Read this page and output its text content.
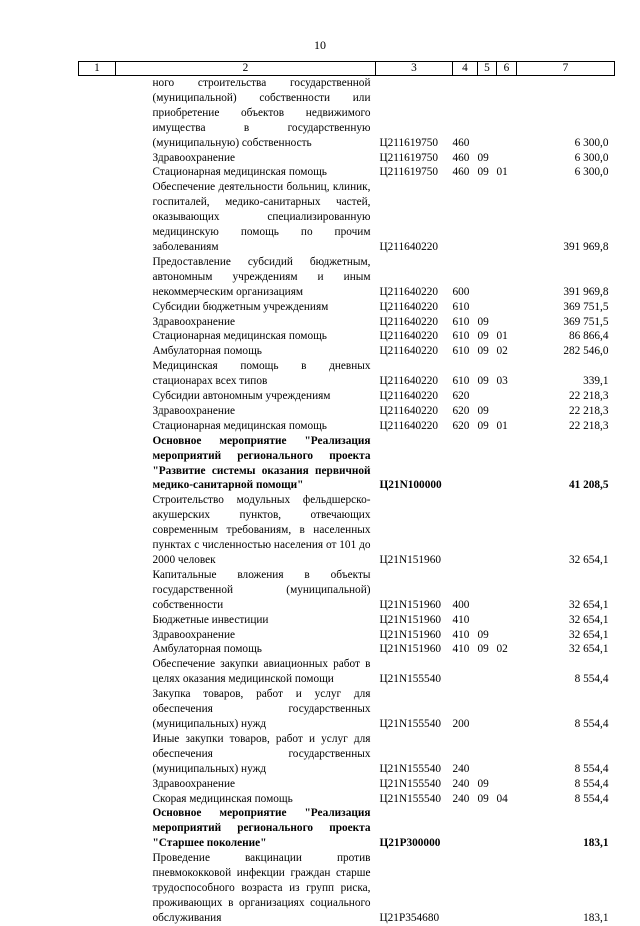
10
1	2	3	4	5	6	7
	ного строительства государственной (муниципальной) собственности или приобретение объектов недвижимого имущества в государственную (муниципальную) собственность	Ц211619750	460			6 300,0
	Здравоохранение	Ц211619750	460	09		6 300,0
	Стационарная медицинская помощь	Ц211619750	460	09	01	6 300,0
	Обеспечение деятельности больниц, клиник, госпиталей, медико-санитарных частей, оказывающих специализированную медицинскую помощь по прочим заболеваниям	Ц211640220				391 969,8
	Предоставление субсидий бюджетным, автономным учреждениям и иным некоммерческим организациям	Ц211640220	600			391 969,8
	Субсидии бюджетным учреждениям	Ц211640220	610			369 751,5
	Здравоохранение	Ц211640220	610	09		369 751,5
	Стационарная медицинская помощь	Ц211640220	610	09	01	86 866,4
	Амбулаторная помощь	Ц211640220	610	09	02	282 546,0
	Медицинская помощь в дневных стационарах всех типов	Ц211640220	610	09	03	339,1
	Субсидии автономным учреждениям	Ц211640220	620			22 218,3
	Здравоохранение	Ц211640220	620	09		22 218,3
	Стационарная медицинская помощь	Ц211640220	620	09	01	22 218,3
	Основное мероприятие "Реализация мероприятий регионального проекта "Развитие системы оказания первичной медико-санитарной помощи"	Ц21N100000				41 208,5
	Строительство модульных фельдшерско-акушерских пунктов, отвечающих современным требованиям, в населенных пунктах с численностью населения от 101 до 2000 человек	Ц21N151960				32 654,1
	Капитальные вложения в объекты государственной (муниципальной) собственности	Ц21N151960	400			32 654,1
	Бюджетные инвестиции	Ц21N151960	410			32 654,1
	Здравоохранение	Ц21N151960	410	09		32 654,1
	Амбулаторная помощь	Ц21N151960	410	09	02	32 654,1
	Обеспечение закупки авиационных работ в целях оказания медицинской помощи	Ц21N155540				8 554,4
	Закупка товаров, работ и услуг для обеспечения государственных (муниципальных) нужд	Ц21N155540	200			8 554,4
	Иные закупки товаров, работ и услуг для обеспечения государственных (муниципальных) нужд	Ц21N155540	240			8 554,4
	Здравоохранение	Ц21N155540	240	09		8 554,4
	Скорая медицинская помощь	Ц21N155540	240	09	04	8 554,4
	Основное мероприятие "Реализация мероприятий регионального проекта "Старшее поколение"	Ц21P300000				183,1
	Проведение вакцинации против пневмококковой инфекции граждан старше трудоспособного возраста из групп риска, проживающих в организациях социального обслуживания	Ц21P354680				183,1
